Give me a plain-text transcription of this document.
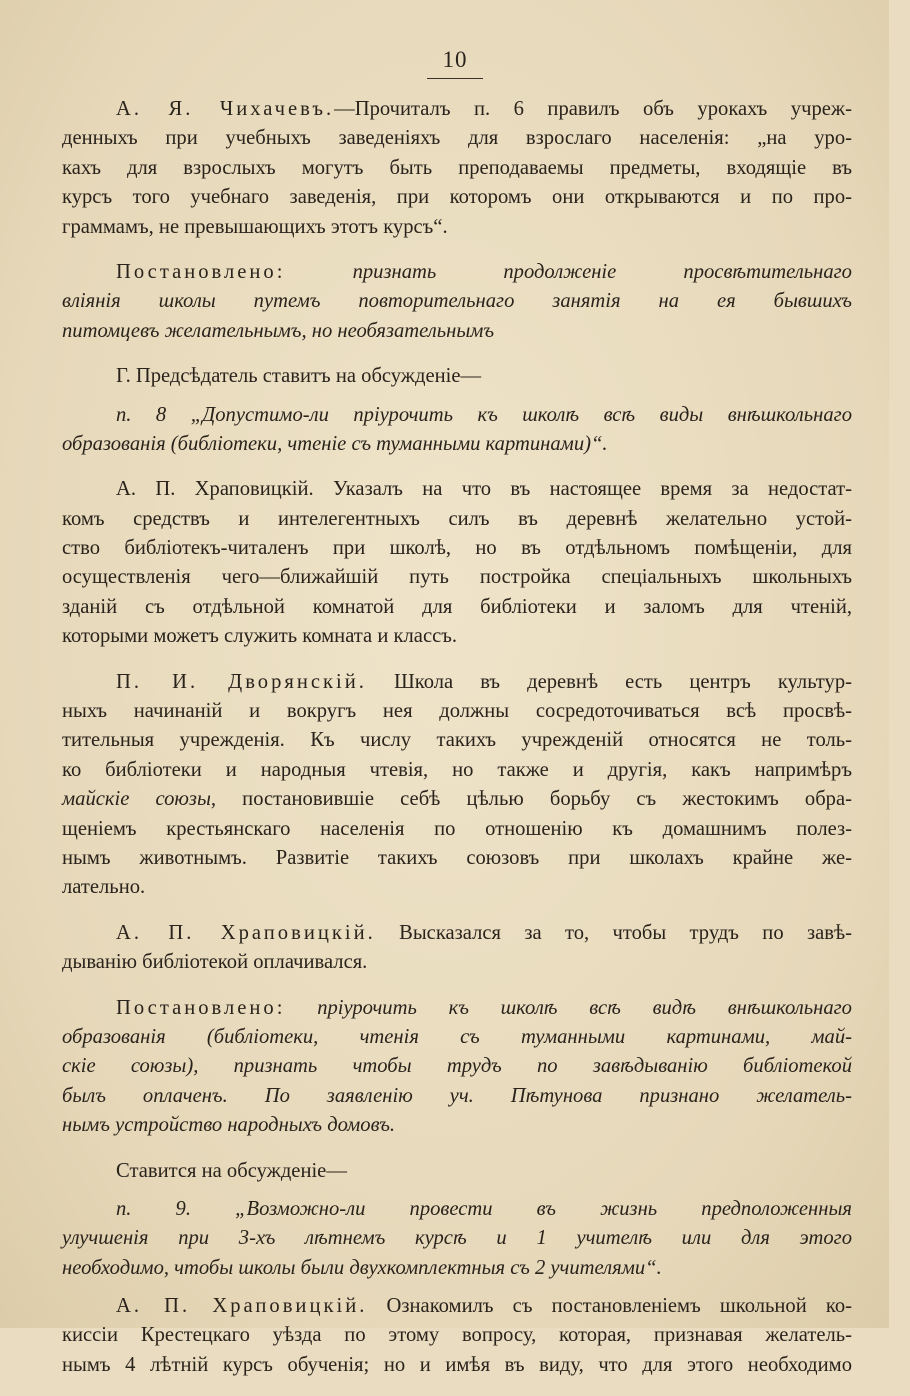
10
А. Я. Чихачевъ.—Прочиталъ п. 6 правилъ объ урокахъ учреж-
денныхъ при учебныхъ заведеніяхъ для взрослаго населенія: „на уро-
кахъ для взрослыхъ могутъ быть преподаваемы предметы, входящіе въ
курсъ того учебнаго заведенія, при которомъ они открываются и по про-
граммамъ, не превышающихъ этотъ курсъ“.
Постановлено:	признать продолженіе просвѣтительнаго
вліянія школы путемъ повторительнаго занятія на ея бывшихъ
питомцевъ желательнымъ, но необязательнымъ
Г. Предсѣдатель ставитъ на обсужденіе—
п. 8 „Допустимо-ли пріурочить къ школѣ всѣ виды внѣшкольнаго
образованія (библіотеки, чтеніе съ туманными картинами)“.
А. П. Храповицкій. Указалъ на что въ настоящее время за недостат-
комъ средствъ и интелегентныхъ силъ въ деревнѣ желательно устой-
ство библіотекъ-читаленъ при школѣ, но въ отдѣльномъ помѣщеніи, для
осуществленія чего—ближайшій путь постройка спеціальныхъ школьныхъ
зданій съ отдѣльной комнатой для библіотеки и заломъ для чтеній,
которыми можетъ служить комната и классъ.
П. И. Дворянскій. Школа въ деревнѣ есть центръ культур-
ныхъ начинаній и вокругъ нея должны сосредоточиваться всѣ просвѣ-
тительныя учрежденія. Къ числу такихъ учрежденій относятся не толь-
ко библіотеки и народныя чтевія, но также и другія, какъ напримѣръ
майскіе союзы, постановившіе себѣ цѣлью борьбу съ жестокимъ обра-
щеніемъ крестьянскаго населенія по отношенію къ домашнимъ полез-
нымъ животнымъ. Развитіе такихъ союзовъ при школахъ крайне же-
лательно.
А. П. Храповицкій. Высказался за то, чтобы трудъ по завѣ-
дыванію библіотекой оплачивался.
Постановлено: пріурочить къ школѣ всѣ видѣ внѣшкольнаго
образованія (библіотеки, чтенія съ туманными картинами, май-
скіе союзы), признать чтобы трудъ по завѣдыванію библіотекой
былъ оплаченъ. По заявленію уч. Пѣтунова признано желатель-
нымъ устройство народныхъ домовъ.
Ставится на обсужденіе—
п. 9. „Возможно-ли провести въ жизнь предположенныя
улучшенія при 3-хъ лѣтнемъ курсѣ и 1 учителѣ или для этого
необходимо, чтобы школы были двухкомплектныя съ 2 учителями“.
А. П. Храповицкій. Ознакомилъ съ постановленіемъ школьной ко-
киссіи Крестецкаго уѣзда по этому вопросу, которая, признавая желатель-
нымъ 4 лѣтній курсъ обученія; но и имѣя въ виду, что для этого необходимо
